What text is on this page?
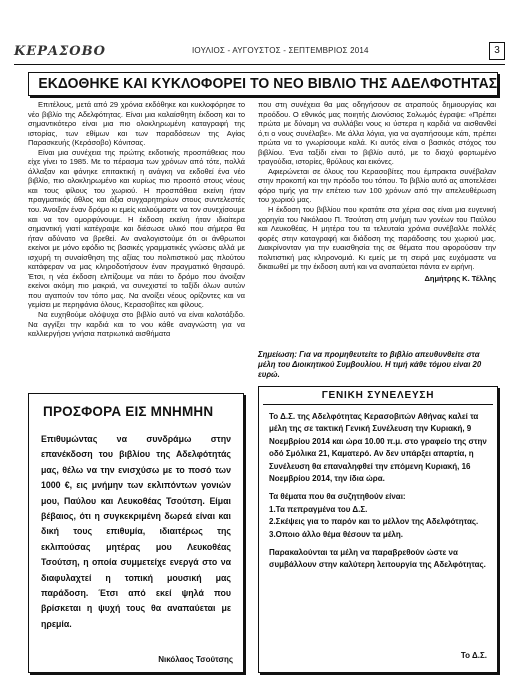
ΚΕΡΑΣΟΒΟ	ΙΟΥΛΙΟΣ - ΑΥΓΟΥΣΤΟΣ - ΣΕΠΤΕΜΒΡΙΟΣ 2014	3
ΕΚΔΟΘΗΚΕ ΚΑΙ ΚΥΚΛΟΦΟΡΕΙ ΤΟ ΝΕΟ ΒΙΒΛΙΟ ΤΗΣ ΑΔΕΛΦΟΤΗΤΑΣ

Επιτέλους, μετά από 29 χρόνια εκδόθηκε και κυκλοφόρησε το νέο βιβλίο της Αδελφότητας. Είναι μια καλαίσθητη έκδοση και το σημαντικότερο είναι μια πιο ολοκληρωμένη καταγραφή της ιστορίας, των εθίμων και των παραδόσεων της Αγίας Παρασκευής (Κεράσοβο) Κόνιτσας.

Είναι μια συνέχεια της πρώτης εκδοτικής προσπάθειας που είχε γίνει το 1985. Με το πέρασμα των χρόνων από τότε, πολλά άλλαξαν και φάνηκε επιτακτική η ανάγκη να εκδοθεί ένα νέο βιβλίο, πιο ολοκληρωμένο και κυρίως πιο προσιτό στους νέους και τους φίλους του χωριού. Η προσπάθεια εκείνη ήταν πραγματικός άθλος και άξια συγχαρητηρίων στους συντελεστές του. Άνοιξαν έναν δρόμο κι εμείς καλούμαστε να τον συνεχίσουμε και να τον ομορφύνουμε. Η έκδοση εκείνη ήταν ιδιαίτερα σημαντική γιατί κατέγραψε και διέσωσε υλικό που σήμερα θα ήταν αδύνατο να βρεθεί. Αν αναλογιστούμε ότι οι άνθρωποι εκείνοι με μόνο εφόδιο τις βασικές γραμματικές γνώσεις αλλά με ισχυρή τη συναίσθηση της αξίας του πολιτιστικού μας πλούτου κατάφεραν να μας κληροδοτήσουν έναν πραγματικό θησαυρό. Έτσι, η νέα έκδοση ελπίζουμε να πάει το δρόμο που άνοιξαν εκείνοι ακόμη πιο μακριά, να συνεχιστεί το ταξίδι όλων αυτών που αγαπούν τον τόπο μας. Να ανοίξει νέους ορίζοντες και να γεμίσει με περηφάνια όλους, Κερασοβίτες και φίλους.

Να ευχηθούμε ολόψυχα στο βιβλίο αυτό να είναι καλοτάξιδο. Να αγγίξει την καρδιά και το νου κάθε αναγνώστη για να καλλιεργήσει γνήσια πατριωτικά αισθήματα

που στη συνέχεια θα μας οδηγήσουν σε ατραπούς δημιουργίας και προόδου. Ο εθνικός μας ποιητής Διονύσιος Σολωμός έγραψε: «Πρέπει πρώτα με δύναμη να συλλάβει νους κι ύστερα η καρδιά να αισθανθεί ό,τι ο νους συνέλαβε». Με άλλα λόγια, για να αγαπήσουμε κάτι, πρέπει πρώτα να το γνωρίσουμε καλά. Κι αυτός είναι ο βασικός στόχος του βιβλίου. Ένα ταξίδι είναι το βιβλίο αυτό, με το διαχύ φορτωμένο τραγούδια, ιστορίες, θρύλους και εικόνες.

Αφιερώνεται σε όλους του Κερασοβίτες που έμπρακτα συνέβαλαν στην προκοπή και την πρόοδο του τόπου. Το βιβλίο αυτό ας αποτελέσει φόρο τιμής για την επέτειο των 100 χρόνων από την απελευθέρωση του χωριού μας.

Η έκδοση του βιβλίου που κρατάτε στα χέρια σας είναι μια ευγενική χορηγία του Νικόλαου Π. Τσούτση στη μνήμη των γονέων του Παύλου και Λευκοθέας. Η μητέρα του τα τελευταία χρόνια συνέβαλλε πολλές φορές στην καταγραφή και διάδοση της παράδοσης του χωριού μας. Διακρίνονταν για την ευαισθησία της σε θέματα που αφορούσαν την πολιτιστική μας κληρονομιά. Κι εμείς με τη σειρά μας ευχόμαστε να δικαιωθεί με την έκδοση αυτή και να αναπαύεται πάντα εν ειρήνη.

Δημήτρης Κ. Τέλλης
Σημείωση: Για να προμηθευτείτε το βιβλίο απευθυνθείτε στα μέλη του Διοικητικού Συμβουλίου. Η τιμή κάθε τόμου είναι 20 ευρώ.
ΠΡΟΣΦΟΡΑ ΕΙΣ ΜΝΗΜΗΝ
Επιθυμώντας να συνδράμω στην επανέκδοση του βιβλίου της Αδελφότητάς μας, θέλω να την ενισχύσω με το ποσό των 1000 €, εις μνήμην των εκλιπόντων γονιών μου, Παύλου και Λευκοθέας Τσούτση. Είμαι βέβαιος, ότι η συγκεκριμένη δωρεά είναι και δική τους επιθυμία, ιδιαιτέρως της εκλιπούσας μητέρας μου Λευκοθέας Τσούτση, η οποία συμμετείχε ενεργά στο να διαφυλαχτεί η τοπική μουσική μας παράδοση. Έτσι από εκεί ψηλά που βρίσκεται η ψυχή τους θα αναπαύεται με ηρεμία.
Νικόλαος Τσούτσης
ΓΕΝΙΚΗ ΣΥΝΕΛΕΥΣΗ
Το Δ.Σ. της Αδελφότητας Κερασοβιτών Αθήνας καλεί τα μέλη της σε τακτική Γενική Συνέλευση την Κυριακή, 9 Νοεμβρίου 2014 και ώρα 10.00 π.μ. στο γραφείο της στην οδό Σμόλικα 21, Καματερό. Αν δεν υπάρξει απαρτία, η Συνέλευση θα επαναληφθεί την επόμενη Κυριακή, 16 Νοεμβρίου 2014, την ίδια ώρα.
Τα θέματα που θα συζητηθούν είναι:
1.Τα πεπραγμένα του Δ.Σ.
2.Σκέψεις για το παρόν και το μέλλον της Αδελφότητας.
3.Οποιο άλλο θέμα θέσουν τα μέλη.
Παρακαλούνται τα μέλη να παραβρεθούν ώστε να συμβάλλουν στην καλύτερη λειτουργία της Αδελφότητας.
Το Δ.Σ.
